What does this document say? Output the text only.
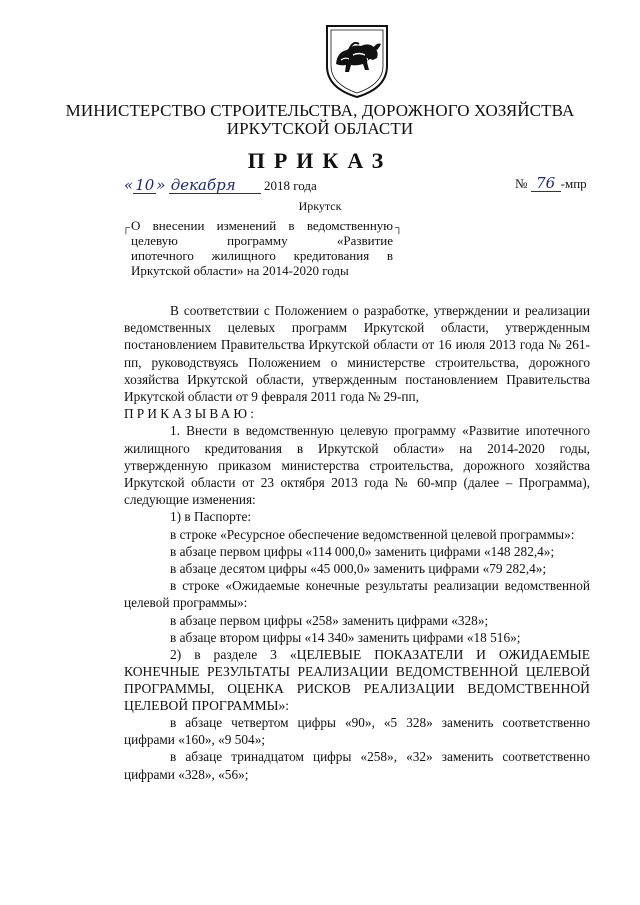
МИНИСТЕРСТВО СТРОИТЕЛЬСТВА, ДОРОЖНОГО ХОЗЯЙСТВА
ИРКУТСКОЙ ОБЛАСТИ
ПРИКАЗ
« 10 » декабря 2018 года	№ 76 -мпр
Иркутск
┌	┐
О внесении изменений в ведомственную
целевую программу «Развитие
ипотечного жилищного кредитования в
Иркутской области» на 2014-2020 годы

В соответствии с Положением о разработке, утверждении и реализации ведомственных целевых программ Иркутской области, утвержденным постановлением Правительства Иркутской области от 16 июля 2013 года № 261-пп, руководствуясь Положением о министерстве строительства, дорожного хозяйства Иркутской области, утвержденным постановлением Правительства Иркутской области от 9 февраля 2011 года № 29-пп,

ПРИКАЗЫВАЮ:

1. Внести в ведомственную целевую программу «Развитие ипотечного жилищного кредитования в Иркутской области» на 2014-2020 годы, утвержденную приказом министерства строительства, дорожного хозяйства Иркутской области от 23 октября 2013 года № 60-мпр (далее – Программа), следующие изменения:

1) в Паспорте:

в строке «Ресурсное обеспечение ведомственной целевой программы»:

в абзаце первом цифры «114 000,0» заменить цифрами «148 282,4»;

в абзаце десятом цифры «45 000,0» заменить цифрами «79 282,4»;

в строке «Ожидаемые конечные результаты реализации ведомственной целевой программы»:

в абзаце первом цифры «258» заменить цифрами «328»;

в абзаце втором цифры «14 340» заменить цифрами «18 516»;

2) в разделе 3 «ЦЕЛЕВЫЕ ПОКАЗАТЕЛИ И ОЖИДАЕМЫЕ КОНЕЧНЫЕ РЕЗУЛЬТАТЫ РЕАЛИЗАЦИИ ВЕДОМСТВЕННОЙ ЦЕЛЕВОЙ ПРОГРАММЫ, ОЦЕНКА РИСКОВ РЕАЛИЗАЦИИ ВЕДОМСТВЕННОЙ ЦЕЛЕВОЙ ПРОГРАММЫ»:

в абзаце четвертом цифры «90», «5 328» заменить соответственно цифрами «160», «9 504»;

в абзаце тринадцатом цифры «258», «32» заменить соответственно цифрами «328», «56»;
